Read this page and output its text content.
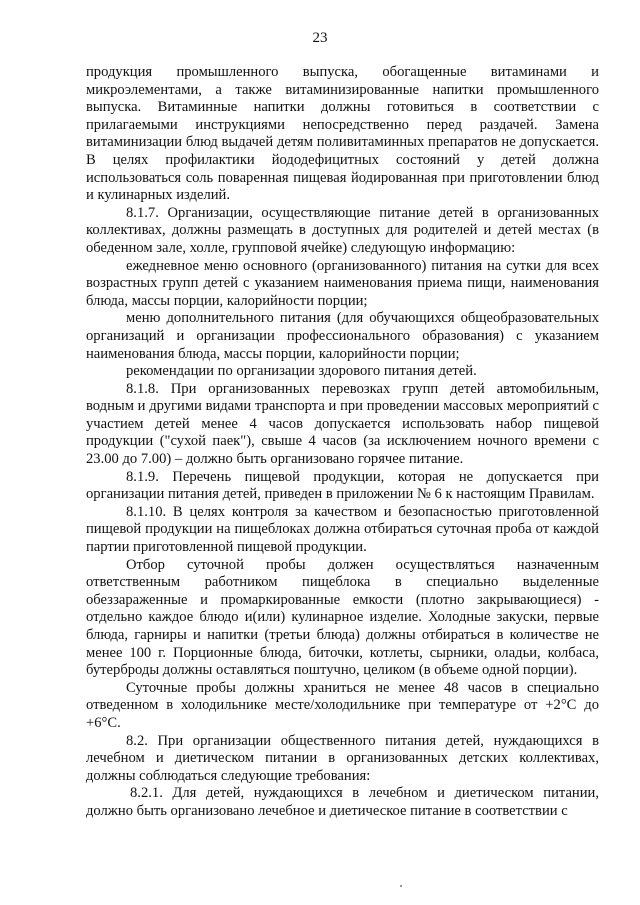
23

продукция промышленного выпуска, обогащенные витаминами и микроэлементами, а также витаминизированные напитки промышленного выпуска. Витаминные напитки должны готовиться в соответствии с прилагаемыми инструкциями непосредственно перед раздачей. Замена витаминизации блюд выдачей детям поливитаминных препаратов не допускается. В целях профилактики йододефицитных состояний у детей должна использоваться соль поваренная пищевая йодированная при приготовлении блюд и кулинарных изделий.

8.1.7. Организации, осуществляющие питание детей в организованных коллективах, должны размещать в доступных для родителей и детей местах (в обеденном зале, холле, групповой ячейке) следующую информацию:

ежедневное меню основного (организованного) питания на сутки для всех возрастных групп детей с указанием наименования приема пищи, наименования блюда, массы порции, калорийности порции;

меню дополнительного питания (для обучающихся общеобразовательных организаций и организации профессионального образования) с указанием наименования блюда, массы порции, калорийности порции;

рекомендации по организации здорового питания детей.

8.1.8. При организованных перевозках групп детей автомобильным, водным и другими видами транспорта и при проведении массовых мероприятий с участием детей менее 4 часов допускается использовать набор пищевой продукции ("сухой паек"), свыше 4 часов (за исключением ночного времени с 23.00 до 7.00) – должно быть организовано горячее питание.

8.1.9. Перечень пищевой продукции, которая не допускается при организации питания детей, приведен в приложении № 6 к настоящим Правилам.

8.1.10. В целях контроля за качеством и безопасностью приготовленной пищевой продукции на пищеблоках должна отбираться суточная проба от каждой партии приготовленной пищевой продукции.

Отбор суточной пробы должен осуществляться назначенным ответственным работником пищеблока в специально выделенные обеззараженные и промаркированные емкости (плотно закрывающиеся) - отдельно каждое блюдо и(или) кулинарное изделие. Холодные закуски, первые блюда, гарниры и напитки (третьи блюда) должны отбираться в количестве не менее 100 г. Порционные блюда, биточки, котлеты, сырники, оладьи, колбаса, бутерброды должны оставляться поштучно, целиком (в объеме одной порции).

Суточные пробы должны храниться не менее 48 часов в специально отведенном в холодильнике месте/холодильнике при температуре от +2°С до +6°С.

8.2. При организации общественного питания детей, нуждающихся в лечебном и диетическом питании в организованных детских коллективах, должны соблюдаться следующие требования:

8.2.1. Для детей, нуждающихся в лечебном и диетическом питании, должно быть организовано лечебное и диетическое питание в соответствии с
